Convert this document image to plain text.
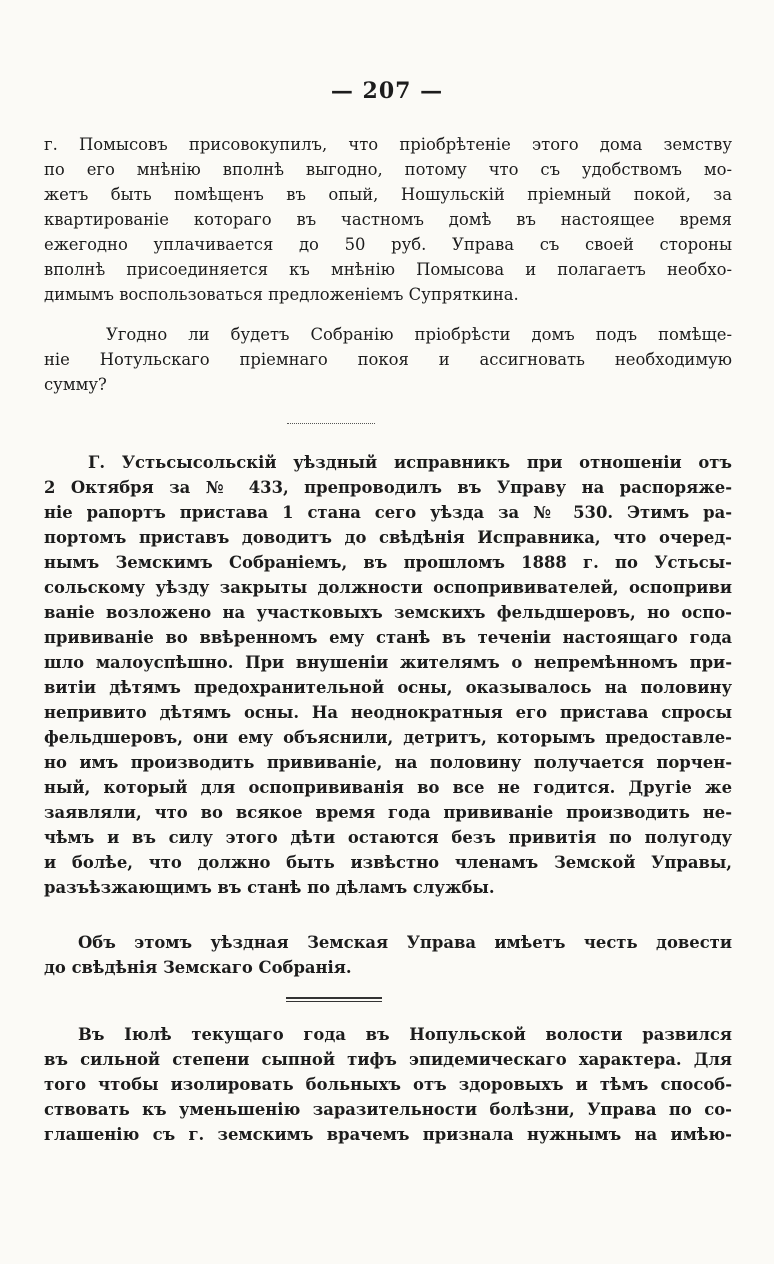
— 207 —
г. Помысовъ присовокупилъ, что пріобрѣтеніе этого дома земству
по его мнѣнію вполнѣ выгодно, потому что съ удобствомъ мо-
жетъ быть помѣщенъ въ опый, Ношульскій пріемный покой, за
квартированіе котораго въ частномъ домѣ въ настоящее время
ежегодно уплачивается до 50 руб. Управа съ своей стороны
вполнѣ присоединяется къ мнѣнію Помысова и полагаетъ необхо-
димымъ воспользоваться предложеніемъ Супряткина.
Угодно ли будетъ Собранію пріобрѣсти домъ подъ помѣще-
ніе Нотульскаго пріемнаго покоя и ассигновать необходимую
сумму?
Г. Устьсысольскій уѣздный исправникъ при отношеніи отъ
2 Октября за № 433, препроводилъ въ Управу на распоряже-
ніе рапортъ пристава 1 стана сего уѣзда за № 530. Этимъ ра-
портомъ приставъ доводитъ до свѣдѣнія Исправника, что очеред-
нымъ Земскимъ Собраніемъ, въ прошломъ 1888 г. по Устьсы-
сольскому уѣзду закрыты должности оспопрививателей, оспоприви
ваніе возложено на участковыхъ земскихъ фельдшеровъ, но оспо-
прививаніе во ввѣренномъ ему станѣ въ теченіи настоящаго года
шло малоуспѣшно. При внушеніи жителямъ о непремѣнномъ при-
витіи дѣтямъ предохранительной осны, оказывалось на половину
непривито дѣтямъ осны. На неоднократныя его пристава спросы
фельдшеровъ, они ему объяснили, детритъ, которымъ предоставле-
но имъ производить прививаніе, на половину получается порчен-
ный, который для оспопрививанія во все не годится. Другіе же
заявляли, что во всякое время года прививаніе производить не-
чѣмъ и въ силу этого дѣти остаются безъ привитія по полугоду
и болѣе, что должно быть извѣстно членамъ Земской Управы,
разъѣзжающимъ въ станѣ по дѣламъ службы.
Объ этомъ уѣздная Земская Управа имѣетъ честь довести
до свѣдѣнія Земскаго Собранія.
Въ Іюлѣ текущаго года въ Нопульской волости развился
въ сильной степени сыпной тифъ эпидемическаго характера. Для
того чтобы изолировать больныхъ отъ здоровыхъ и тѣмъ способ-
ствовать къ уменьшенію заразительности болѣзни, Управа по со-
глашенію съ г. земскимъ врачемъ признала нужнымъ на имѣю-
